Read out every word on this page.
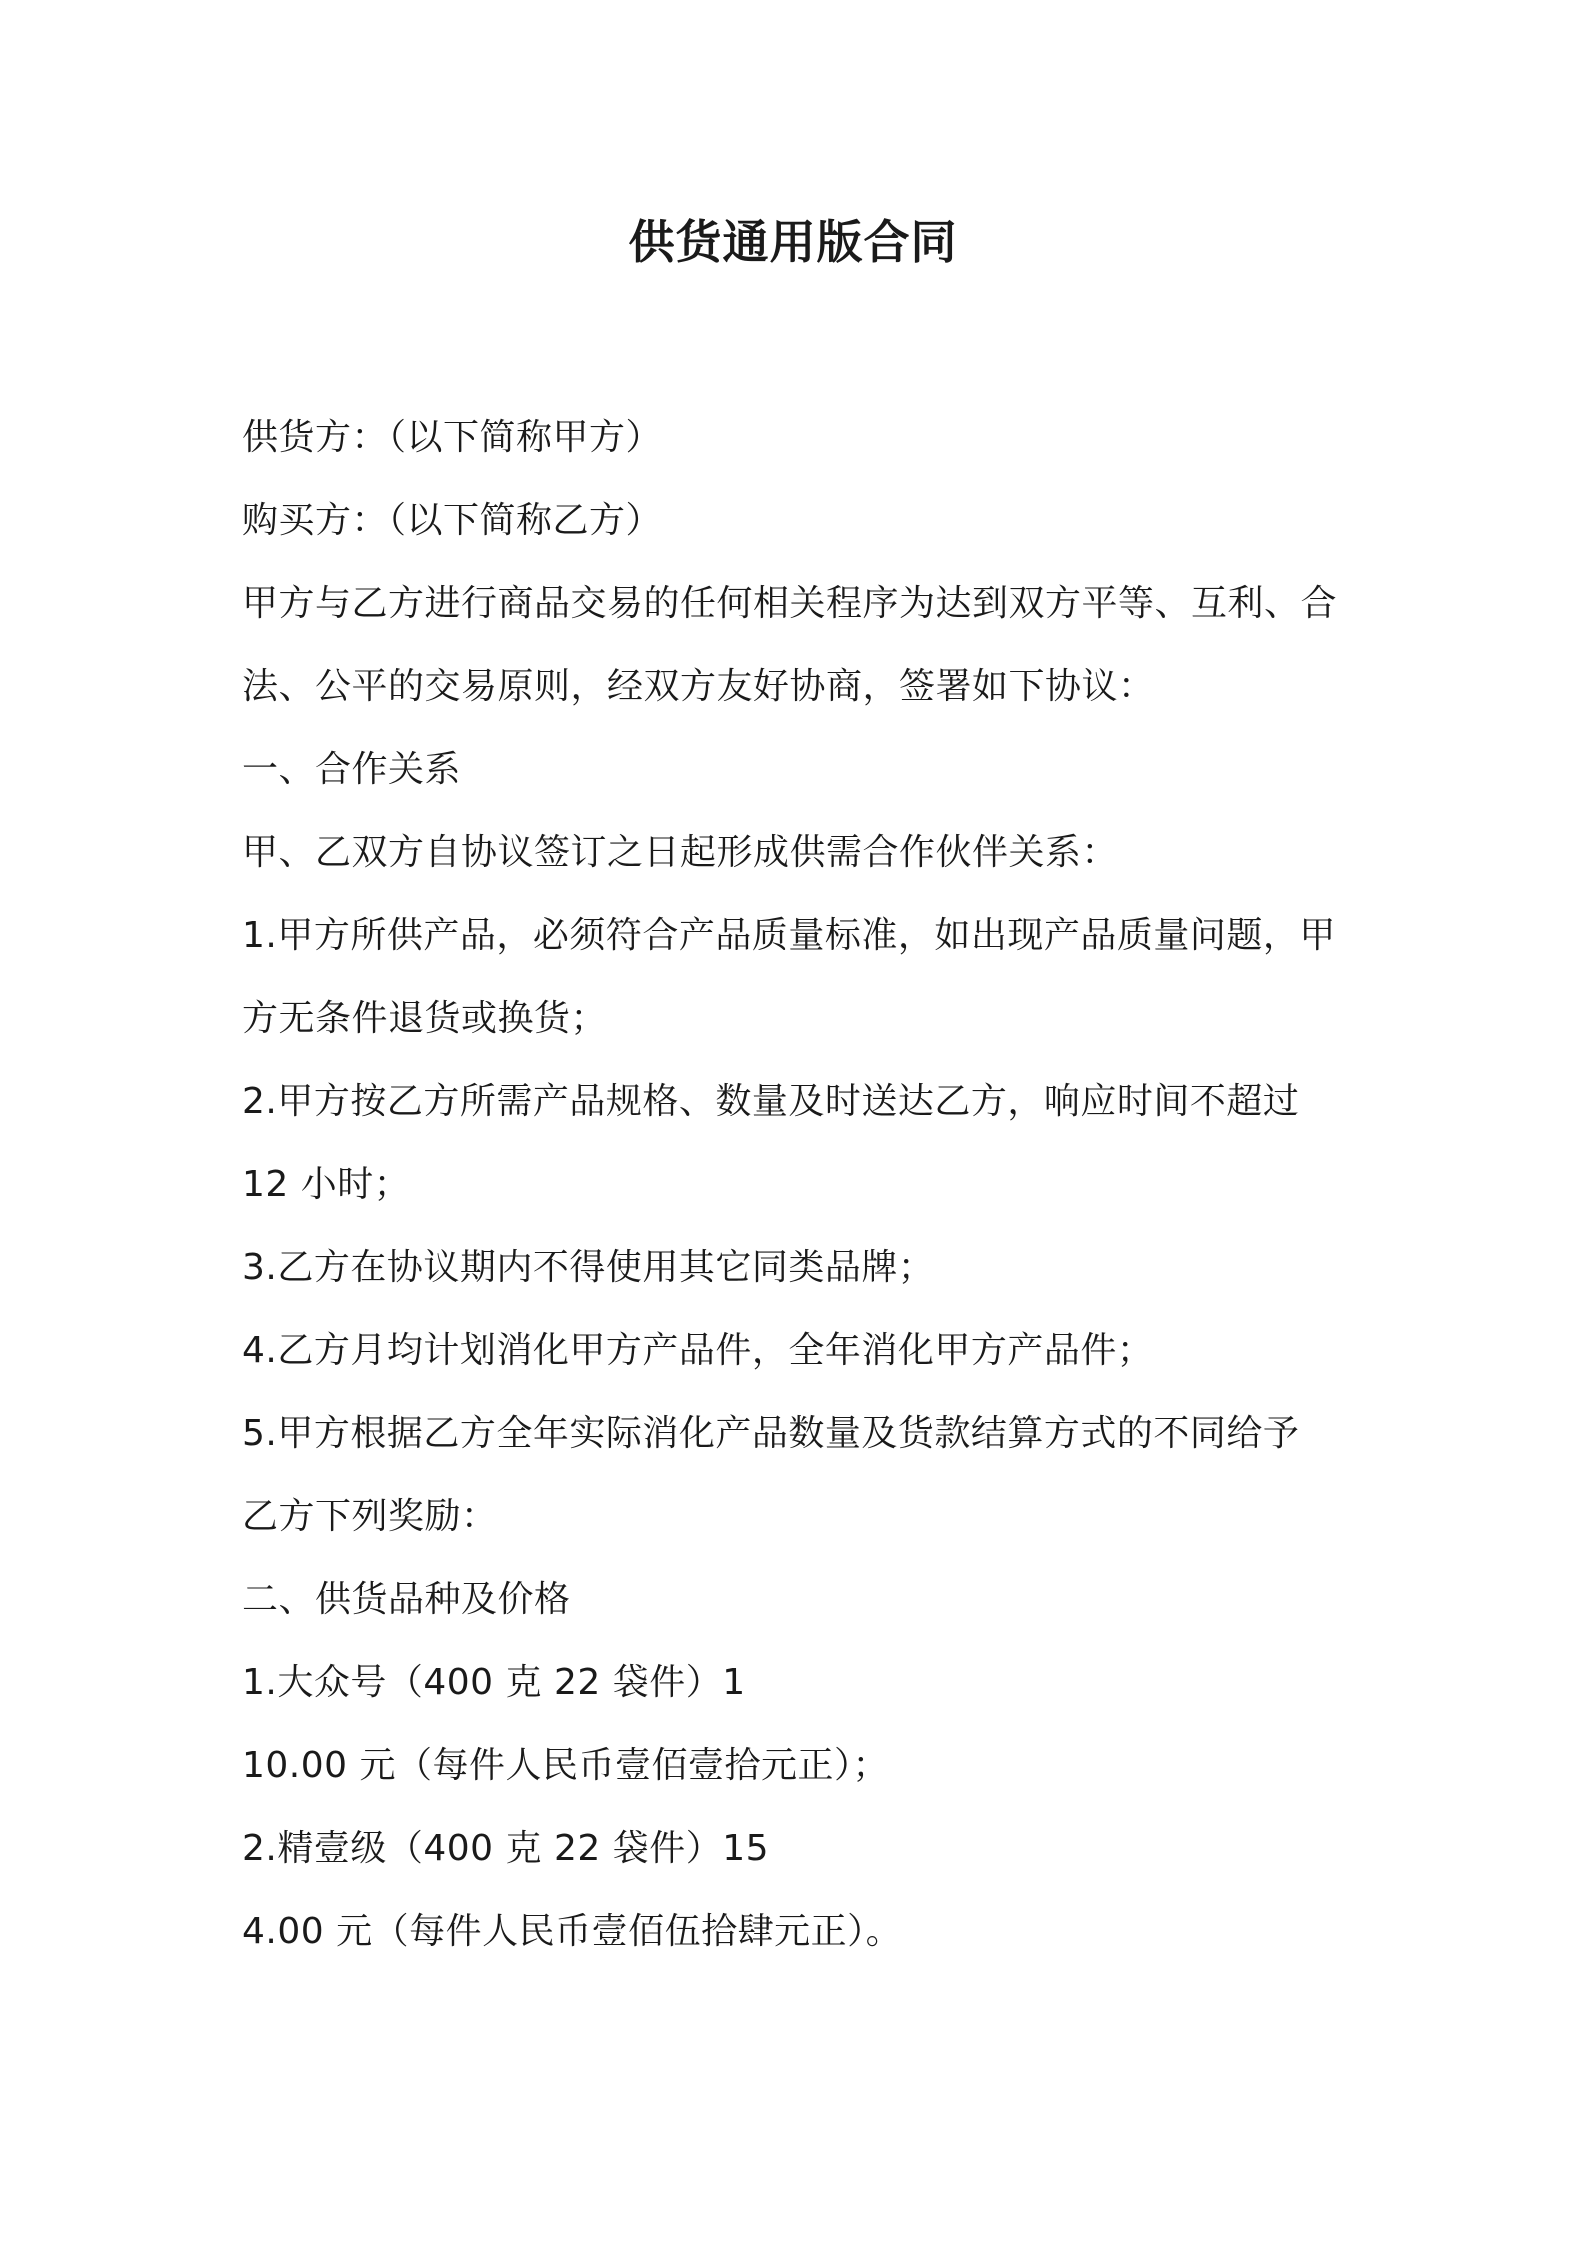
供货通用版合同
供货方：（以下简称甲方）
购买方：（以下简称乙方）
甲方与乙方进行商品交易的任何相关程序为达到双方平等、互利、合
法、公平的交易原则，经双方友好协商，签署如下协议：
一、合作关系
甲、乙双方自协议签订之日起形成供需合作伙伴关系：
1.甲方所供产品，必须符合产品质量标准，如出现产品质量问题，甲
方无条件退货或换货；
2.甲方按乙方所需产品规格、数量及时送达乙方，响应时间不超过
12 小时；
3.乙方在协议期内不得使用其它同类品牌；
4.乙方月均计划消化甲方产品件，全年消化甲方产品件；
5.甲方根据乙方全年实际消化产品数量及货款结算方式的不同给予
乙方下列奖励：
二、供货品种及价格
1.大众号（400 克 22 袋件）1
10.00 元（每件人民币壹佰壹拾元正）；
2.精壹级（400 克 22 袋件）15
4.00 元（每件人民币壹佰伍拾肆元正）。
